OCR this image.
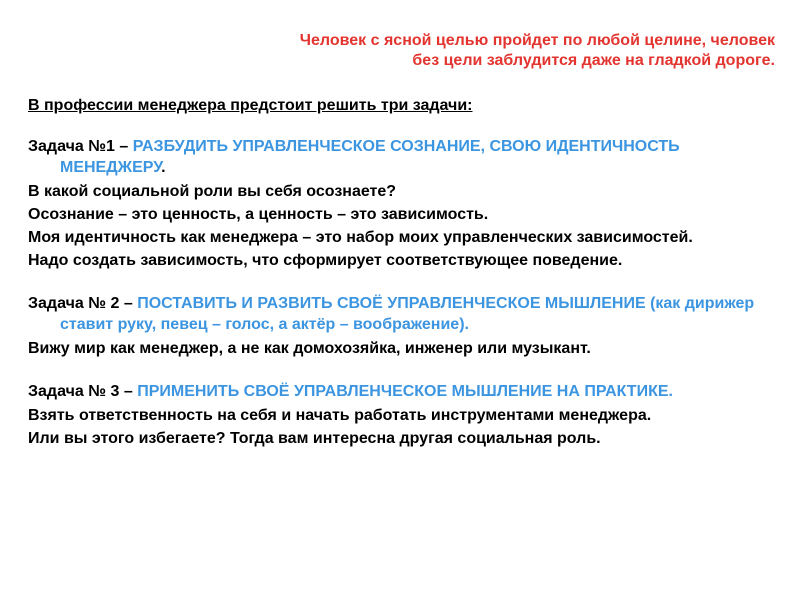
Человек с ясной целью пройдет по любой целине, человек
без цели заблудится даже на гладкой дороге.
В профессии менеджера предстоит решить три задачи:
Задача №1 – РАЗБУДИТЬ УПРАВЛЕНЧЕСКОЕ СОЗНАНИЕ, СВОЮ ИДЕНТИЧНОСТЬ МЕНЕДЖЕРУ.
В какой социальной роли вы себя осознаете?
Осознание – это ценность, а ценность – это зависимость.
Моя идентичность как менеджера – это набор моих управленческих зависимостей.
Надо создать зависимость, что сформирует соответствующее поведение.
Задача № 2 – ПОСТАВИТЬ И РАЗВИТЬ СВОЁ УПРАВЛЕНЧЕСКОЕ МЫШЛЕНИЕ (как дирижер ставит руку, певец – голос, а актёр – воображение).
Вижу мир как менеджер, а не как домохозяйка, инженер или музыкант.
Задача № 3 – ПРИМЕНИТЬ СВОЁ УПРАВЛЕНЧЕСКОЕ МЫШЛЕНИЕ НА ПРАКТИКЕ.
Взять ответственность на себя и начать работать инструментами менеджера.
Или вы этого избегаете? Тогда вам интересна другая социальная роль.
